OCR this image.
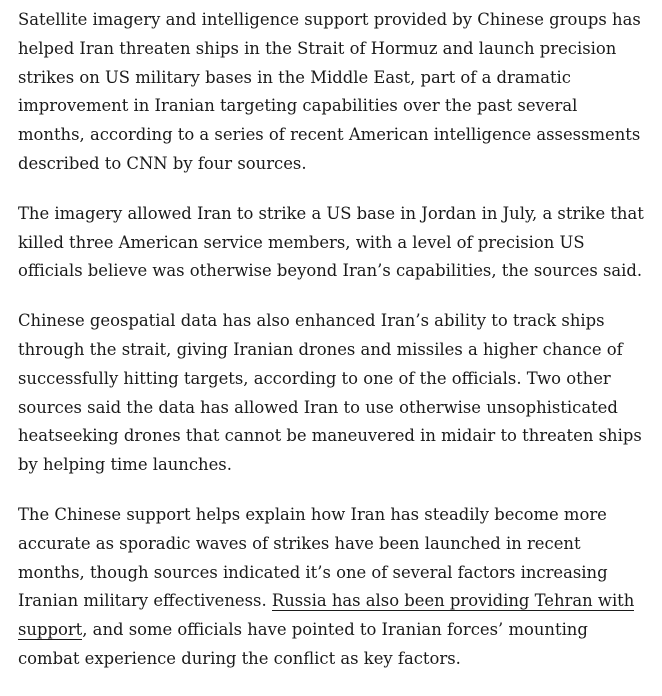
Satellite imagery and intelligence support provided by Chinese groups has helped Iran threaten ships in the Strait of Hormuz and launch precision strikes on US military bases in the Middle East, part of a dramatic improvement in Iranian targeting capabilities over the past several months, according to a series of recent American intelligence assessments described to CNN by four sources.

The imagery allowed Iran to strike a US base in Jordan in July, a strike that killed three American service members, with a level of precision US officials believe was otherwise beyond Iran’s capabilities, the sources said.

Chinese geospatial data has also enhanced Iran’s ability to track ships through the strait, giving Iranian drones and missiles a higher chance of successfully hitting targets, according to one of the officials. Two other sources said the data has allowed Iran to use otherwise unsophisticated heatseeking drones that cannot be maneuvered in midair to threaten ships by helping time launches.

The Chinese support helps explain how Iran has steadily become more accurate as sporadic waves of strikes have been launched in recent months, though sources indicated it’s one of several factors increasing Iranian military effectiveness. Russia has also been providing Tehran with support, and some officials have pointed to Iranian forces’ mounting combat experience during the conflict as key factors.
